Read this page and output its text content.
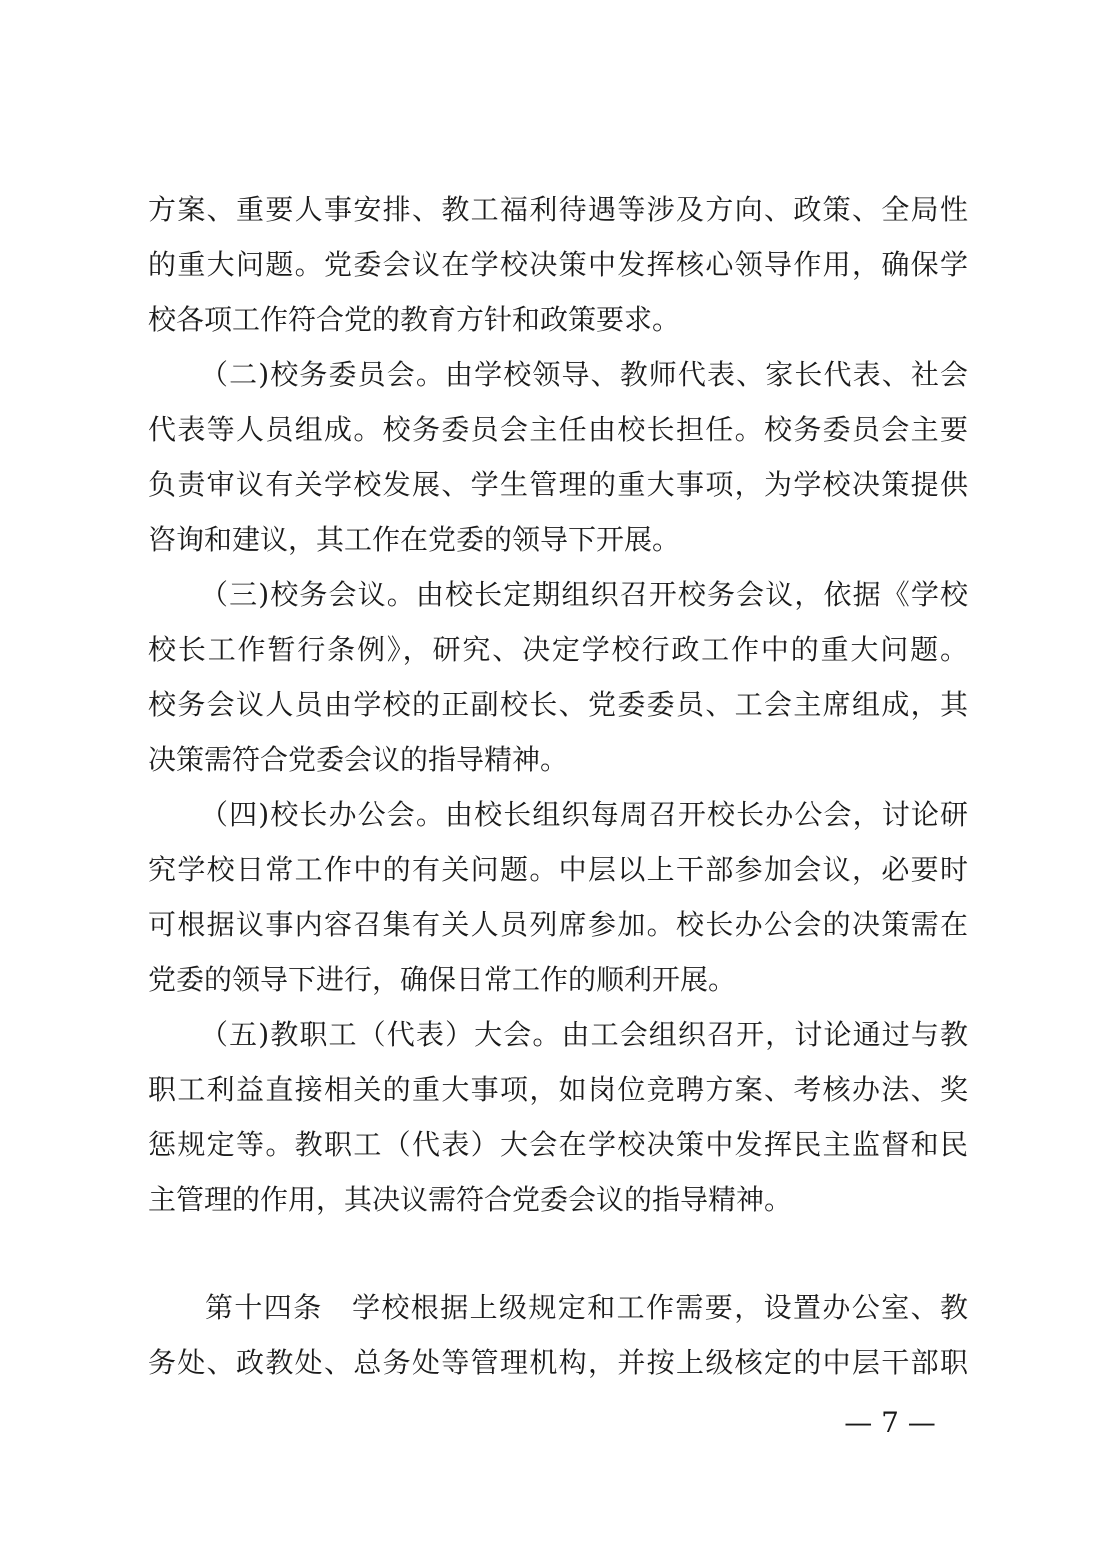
方案、重要人事安排、教工福利待遇等涉及方向、政策、全局性
的重大问题。党委会议在学校决策中发挥核心领导作用，确保学
校各项工作符合党的教育方针和政策要求。
（二)校务委员会。由学校领导、教师代表、家长代表、社会
代表等人员组成。校务委员会主任由校长担任。校务委员会主要
负责审议有关学校发展、学生管理的重大事项，为学校决策提供
咨询和建议，其工作在党委的领导下开展。
（三)校务会议。由校长定期组织召开校务会议，依据《学校
校长工作暂行条例》，研究、决定学校行政工作中的重大问题。
校务会议人员由学校的正副校长、党委委员、工会主席组成，其
决策需符合党委会议的指导精神。
（四)校长办公会。由校长组织每周召开校长办公会，讨论研
究学校日常工作中的有关问题。中层以上干部参加会议，必要时
可根据议事内容召集有关人员列席参加。校长办公会的决策需在
党委的领导下进行，确保日常工作的顺利开展。
（五)教职工（代表）大会。由工会组织召开，讨论通过与教
职工利益直接相关的重大事项，如岗位竞聘方案、考核办法、奖
惩规定等。教职工（代表）大会在学校决策中发挥民主监督和民
主管理的作用，其决议需符合党委会议的指导精神。
第十四条　学校根据上级规定和工作需要，设置办公室、教
务处、政教处、总务处等管理机构，并按上级核定的中层干部职
— 7 —
